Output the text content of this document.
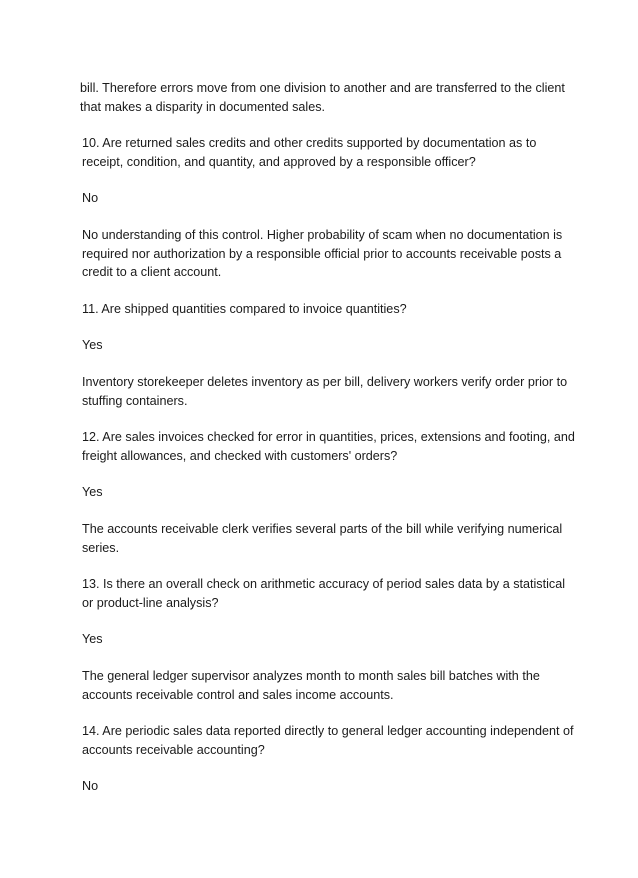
bill. Therefore errors move from one division to another and are transferred to the client that makes a disparity in documented sales.

10. Are returned sales credits and other credits supported by documentation as to receipt, condition, and quantity, and approved by a responsible officer?

No

No understanding of this control. Higher probability of scam when no documentation is required nor authorization by a responsible official prior to accounts receivable posts a credit to a client account.

11. Are shipped quantities compared to invoice quantities?

Yes

Inventory storekeeper deletes inventory as per bill, delivery workers verify order prior to stuffing containers.

12. Are sales invoices checked for error in quantities, prices, extensions and footing, and freight allowances, and checked with customers' orders?

Yes

The accounts receivable clerk verifies several parts of the bill while verifying numerical series.

13. Is there an overall check on arithmetic accuracy of period sales data by a statistical or product-line analysis?

Yes

The general ledger supervisor analyzes month to month sales bill batches with the accounts receivable control and sales income accounts.

14. Are periodic sales data reported directly to general ledger accounting independent of accounts receivable accounting?

No
